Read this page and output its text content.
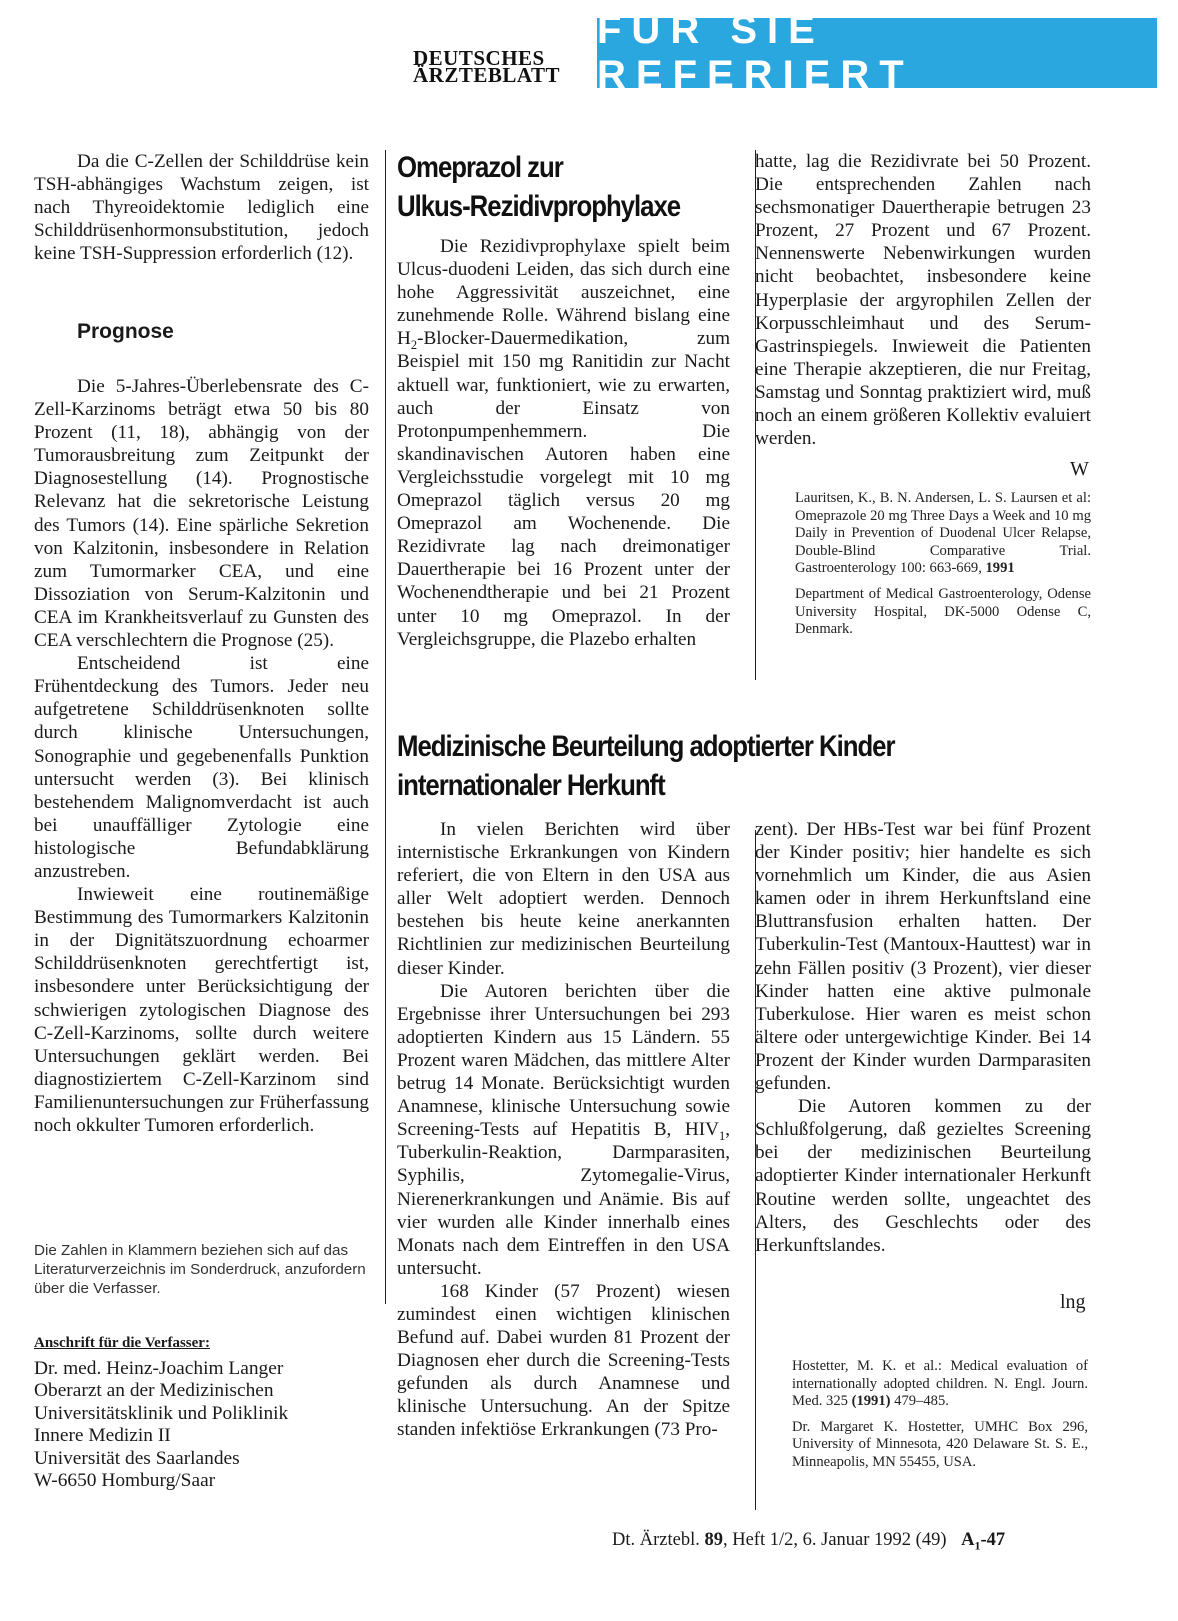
DEUTSCHES
ÄRZTEBLATT
FÜR SIE REFERIERT

Da die C-Zellen der Schilddrüse kein TSH-abhängiges Wachstum zeigen, ist nach Thyreoidektomie lediglich eine Schilddrüsenhormonsubstitution, jedoch keine TSH-Suppression erforderlich (12).

Prognose

Die 5-Jahres-Überlebensrate des C-Zell-Karzinoms beträgt etwa 50 bis 80 Prozent (11, 18), abhängig von der Tumorausbreitung zum Zeitpunkt der Diagnosestellung (14). Prognostische Relevanz hat die sekretorische Leistung des Tumors (14). Eine spärliche Sekretion von Kalzitonin, insbesondere in Relation zum Tumormarker CEA, und eine Dissoziation von Serum-Kalzitonin und CEA im Krankheitsverlauf zu Gunsten des CEA verschlechtern die Prognose (25).

Entscheidend ist eine Frühentdeckung des Tumors. Jeder neu aufgetretene Schilddrüsenknoten sollte durch klinische Untersuchungen, Sonographie und gegebenenfalls Punktion untersucht werden (3). Bei klinisch bestehendem Malignomverdacht ist auch bei unauffälliger Zytologie eine histologische Befundabklärung anzustreben.

Inwieweit eine routinemäßige Bestimmung des Tumormarkers Kalzitonin in der Dignitätszuordnung echoarmer Schilddrüsenknoten gerechtfertigt ist, insbesondere unter Berücksichtigung der schwierigen zytologischen Diagnose des C-Zell-Karzinoms, sollte durch weitere Untersuchungen geklärt werden. Bei diagnostiziertem C-Zell-Karzinom sind Familienuntersuchungen zur Früherfassung noch okkulter Tumoren erforderlich.

Die Zahlen in Klammern beziehen sich auf das Literaturverzeichnis im Sonderdruck, anzufordern über die Verfasser.
Anschrift für die Verfasser:
Dr. med. Heinz-Joachim Langer
Oberarzt an der Medizinischen
Universitätsklinik und Poliklinik
Innere Medizin II
Universität des Saarlandes
W-6650 Homburg/Saar
Omeprazol zur
Ulkus-Rezidivprophylaxe

Die Rezidivprophylaxe spielt beim Ulcus-duodeni Leiden, das sich durch eine hohe Aggressivität auszeichnet, eine zunehmende Rolle. Während bislang eine $H_2-Blocker$-Dauermedikation, zum Beispiel mit 150 mg Ranitidin zur Nacht aktuell war, funktioniert, wie zu erwarten, auch der Einsatz von Protonpumpenhemmern. Die skandinavischen Autoren haben eine Vergleichsstudie vorgelegt mit 10 mg Omeprazol täglich versus 20 mg Omeprazol am Wochenende. Die Rezidivrate lag nach dreimonatiger Dauertherapie bei 16 Prozent unter der Wochenendtherapie und bei 21 Prozent unter 10 mg Omeprazol. In der Vergleichsgruppe, die Plazebo erhalten

hatte, lag die Rezidivrate bei 50 Prozent. Die entsprechenden Zahlen nach sechsmonatiger Dauertherapie betrugen 23 Prozent, 27 Prozent und 67 Prozent. Nennenswerte Nebenwirkungen wurden nicht beobachtet, insbesondere keine Hyperplasie der argyrophilen Zellen der Korpusschleimhaut und des Serum-Gastrinspiegels. Inwieweit die Patienten eine Therapie akzeptieren, die nur Freitag, Samstag und Sonntag praktiziert wird, muß noch an einem größeren Kollektiv evaluiert werden.

W

Lauritsen, K., B. N. Andersen, L. S. Laursen et al: Omeprazole 20 mg Three Days a Week and 10 mg Daily in Prevention of Duodenal Ulcer Relapse, Double-Blind Comparative Trial. Gastroenterology 100: 663-669, 1991

Department of Medical Gastroenterology, Odense University Hospital, DK-5000 Odense C, Denmark.

Medizinische Beurteilung adoptierter Kinder
internationaler Herkunft

In vielen Berichten wird über internistische Erkrankungen von Kindern referiert, die von Eltern in den USA aus aller Welt adoptiert werden. Dennoch bestehen bis heute keine anerkannten Richtlinien zur medizinischen Beurteilung dieser Kinder.

Die Autoren berichten über die Ergebnisse ihrer Untersuchungen bei 293 adoptierten Kindern aus 15 Ländern. 55 Prozent waren Mädchen, das mittlere Alter betrug 14 Monate. Berücksichtigt wurden Anamnese, klinische Untersuchung sowie Screening-Tests auf Hepatitis B, $HIV_1$, Tuberkulin-Reaktion, Darmparasiten, Syphilis, Zytomegalie-Virus, Nierenerkrankungen und Anämie. Bis auf vier wurden alle Kinder innerhalb eines Monats nach dem Eintreffen in den USA untersucht.

168 Kinder (57 Prozent) wiesen zumindest einen wichtigen klinischen Befund auf. Dabei wurden 81 Prozent der Diagnosen eher durch die Screening-Tests gefunden als durch Anamnese und klinische Untersuchung. An der Spitze standen infektiöse Erkrankungen (73 Pro-

zent). Der HBs-Test war bei fünf Prozent der Kinder positiv; hier handelte es sich vornehmlich um Kinder, die aus Asien kamen oder in ihrem Herkunftsland eine Bluttransfusion erhalten hatten. Der Tuberkulin-Test (Mantoux-Hauttest) war in zehn Fällen positiv (3 Prozent), vier dieser Kinder hatten eine aktive pulmonale Tuberkulose. Hier waren es meist schon ältere oder untergewichtige Kinder. Bei 14 Prozent der Kinder wurden Darmparasiten gefunden.

Die Autoren kommen zu der Schlußfolgerung, daß gezieltes Screening bei der medizinischen Beurteilung adoptierter Kinder internationaler Herkunft Routine werden sollte, ungeachtet des Alters, des Geschlechts oder des Herkunftslandes.

lng

Hostetter, M. K. et al.: Medical evaluation of internationally adopted children. N. Engl. Journ. Med. 325 (1991) 479–485.

Dr. Margaret K. Hostetter, UMHC Box 296, University of Minnesota, 420 Delaware St. S. E., Minneapolis, MN 55455, USA.

Dt. Ärztebl. 89, Heft 1/2, 6. Januar 1992 (49) $A_1-47$
